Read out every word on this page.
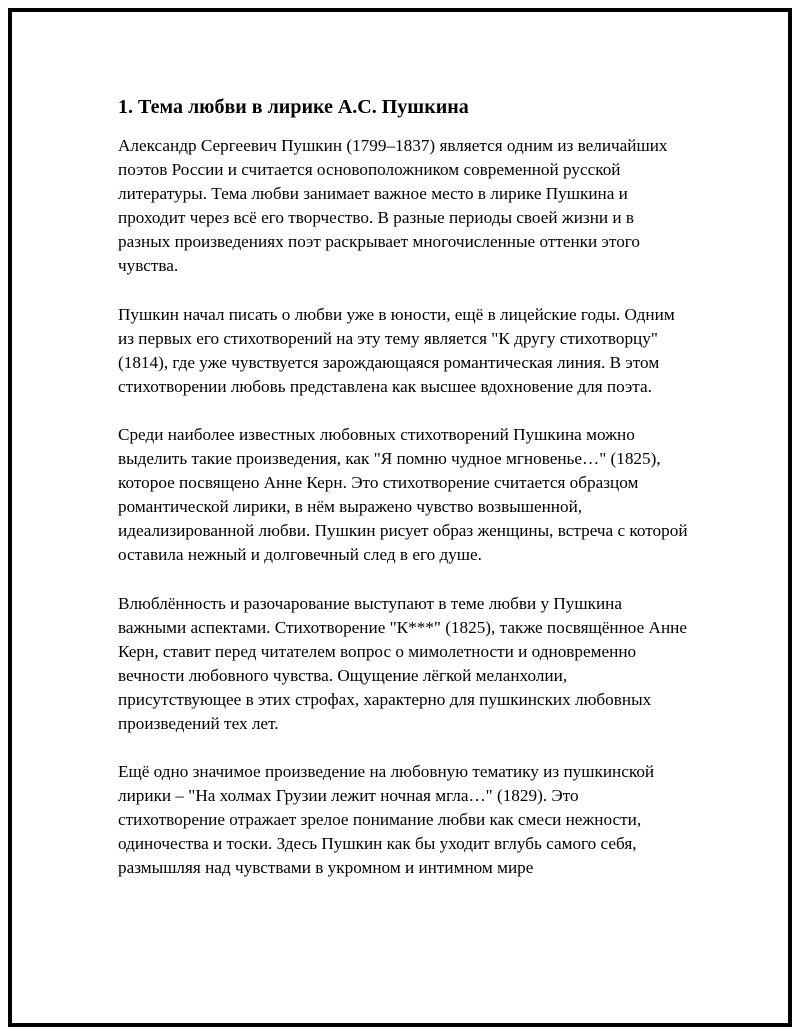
1. Тема любви в лирике А.С. Пушкина

Александр Сергеевич Пушкин (1799–1837) является одним из величайших поэтов России и считается основоположником современной русской литературы. Тема любви занимает важное место в лирике Пушкина и проходит через всё его творчество. В разные периоды своей жизни и в разных произведениях поэт раскрывает многочисленные оттенки этого чувства.

Пушкин начал писать о любви уже в юности, ещё в лицейские годы. Одним из первых его стихотворений на эту тему является "К другу стихотворцу" (1814), где уже чувствуется зарождающаяся романтическая линия. В этом стихотворении любовь представлена как высшее вдохновение для поэта.

Среди наиболее известных любовных стихотворений Пушкина можно выделить такие произведения, как "Я помню чудное мгновенье…" (1825), которое посвящено Анне Керн. Это стихотворение считается образцом романтической лирики, в нём выражено чувство возвышенной, идеализированной любви. Пушкин рисует образ женщины, встреча с которой оставила нежный и долговечный след в его душе.

Влюблённость и разочарование выступают в теме любви у Пушкина важными аспектами. Стихотворение "К***" (1825), также посвящённое Анне Керн, ставит перед читателем вопрос о мимолетности и одновременно вечности любовного чувства. Ощущение лёгкой меланхолии, присутствующее в этих строфах, характерно для пушкинских любовных произведений тех лет.

Ещё одно значимое произведение на любовную тематику из пушкинской лирики – "На холмах Грузии лежит ночная мгла…" (1829). Это стихотворение отражает зрелое понимание любви как смеси нежности, одиночества и тоски. Здесь Пушкин как бы уходит вглубь самого себя, размышляя над чувствами в укромном и интимном мире
